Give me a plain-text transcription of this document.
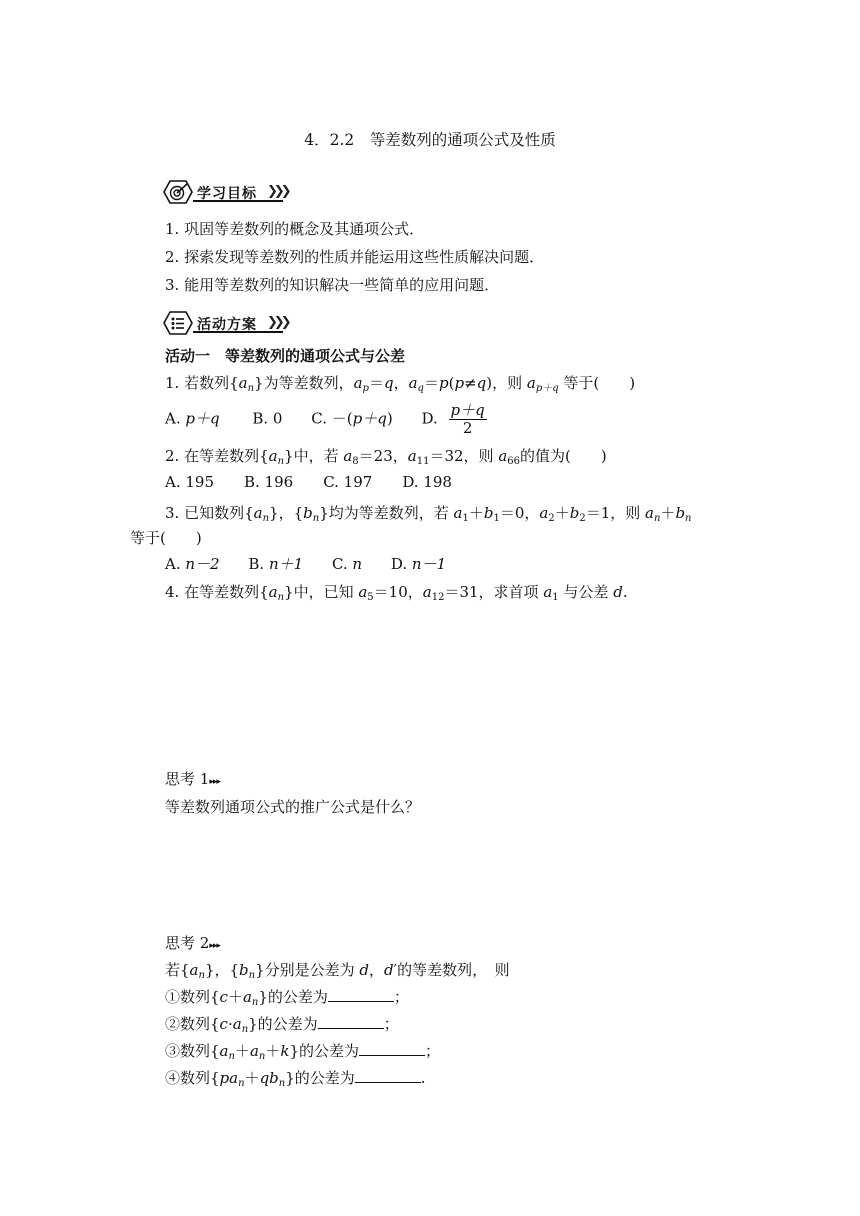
4．2.2　等差数列的通项公式及性质
学习目标 ❯❯❯
1. 巩固等差数列的概念及其通项公式．
2. 探索发现等差数列的性质并能运用这些性质解决问题．
3. 能用等差数列的知识解决一些简单的应用问题．
活动方案 ❯❯❯
活动一　等差数列的通项公式与公差
1. 若数列$\{a_n\}$为等差数列，$a_p=q$，$a_q=p(p\ne q)$，则 $a_{p+q}$ 等于(　　)
A. p＋q B. 0 C. －(p＋q) D. $\frac{p+q}{2}$
2. 在等差数列$\{a_n\}$中，若 $a_8=23$，$a_{11}=32$，则 $a_{66}$的值为(　　)
A. 195 B. 196 C. 197 D. 198
3. 已知数列$\{a_n\}$，$\{b_n\}$均为等差数列，若 $a_1+b_1=0$，$a_2+b_2=1$，则 $a_n+b_n$
等于(　　)
A. n－2 B. n＋1 C. n D. n－1
4. 在等差数列$\{a_n\}$中，已知 $a_5=10$，$a_{12}=31$，求首项 $a_1$ 与公差 d.
思考 1▸▸▸
等差数列通项公式的推广公式是什么？
思考 2▸▸▸
若$\{a_n\}$，$\{b_n\}$分别是公差为 d，d′的等差数列，　则
①数列$\{c+a_n\}$的公差为	；
②数列$\{c\cdot a_n\}$的公差为	；
③数列$\{a_n+a_n+k\}$的公差为	；
④数列$\{pa_n+qb_n\}$的公差为	.
